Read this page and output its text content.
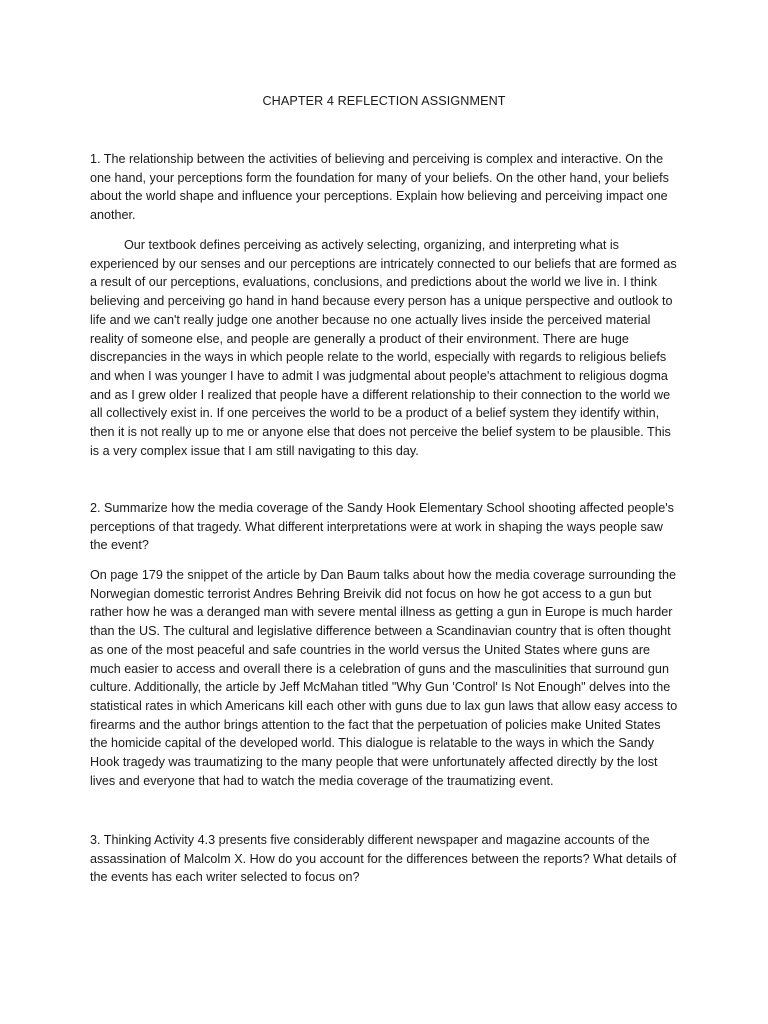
CHAPTER 4 REFLECTION ASSIGNMENT
1. The relationship between the activities of believing and perceiving is complex and interactive. On the one hand, your perceptions form the foundation for many of your beliefs. On the other hand, your beliefs about the world shape and influence your perceptions. Explain how believing and perceiving impact one another.
Our textbook defines perceiving as actively selecting, organizing, and interpreting what is experienced by our senses and our perceptions are intricately connected to our beliefs that are formed as a result of our perceptions, evaluations, conclusions, and predictions about the world we live in. I think believing and perceiving go hand in hand because every person has a unique perspective and outlook to life and we can't really judge one another because no one actually lives inside the perceived material reality of someone else, and people are generally a product of their environment. There are huge discrepancies in the ways in which people relate to the world, especially with regards to religious beliefs and when I was younger I have to admit I was judgmental about people's attachment to religious dogma and as I grew older I realized that people have a different relationship to their connection to the world we all collectively exist in. If one perceives the world to be a product of a belief system they identify within, then it is not really up to me or anyone else that does not perceive the belief system to be plausible. This is a very complex issue that I am still navigating to this day.
2. Summarize how the media coverage of the Sandy Hook Elementary School shooting affected people's perceptions of that tragedy. What different interpretations were at work in shaping the ways people saw the event?
On page 179 the snippet of the article by Dan Baum talks about how the media coverage surrounding the Norwegian domestic terrorist Andres Behring Breivik did not focus on how he got access to a gun but rather how he was a deranged man with severe mental illness as getting a gun in Europe is much harder than the US. The cultural and legislative difference between a Scandinavian country that is often thought as one of the most peaceful and safe countries in the world versus the United States where guns are much easier to access and overall there is a celebration of guns and the masculinities that surround gun culture. Additionally, the article by Jeff McMahan titled "Why Gun 'Control' Is Not Enough" delves into the statistical rates in which Americans kill each other with guns due to lax gun laws that allow easy access to firearms and the author brings attention to the fact that the perpetuation of policies make United States the homicide capital of the developed world. This dialogue is relatable to the ways in which the Sandy Hook tragedy was traumatizing to the many people that were unfortunately affected directly by the lost lives and everyone that had to watch the media coverage of the traumatizing event.
3. Thinking Activity 4.3 presents five considerably different newspaper and magazine accounts of the assassination of Malcolm X. How do you account for the differences between the reports? What details of the events has each writer selected to focus on?
